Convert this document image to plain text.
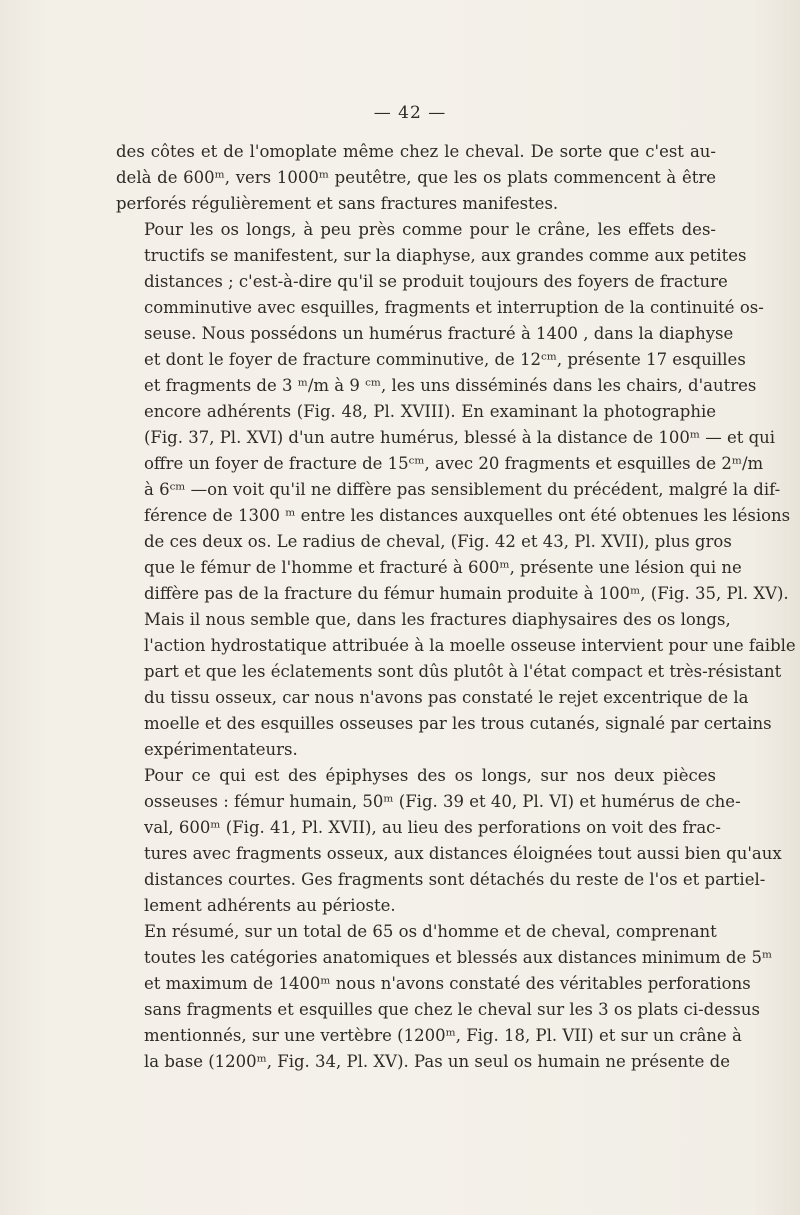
— 42 —

des côtes et de l'omoplate même chez le cheval. De sorte que c'est au-
delà de 600ᵐ, vers 1000ᵐ peutêtre, que les os plats commencent à être
perforés régulièrement et sans fractures manifestes.

Pour les os longs, à peu près comme pour le crâne, les effets des-
tructifs se manifestent, sur la diaphyse, aux grandes comme aux petites
distances ; c'est-à-dire qu'il se produit toujours des foyers de fracture
comminutive avec esquilles, fragments et interruption de la continuité os-
seuse. Nous possédons un humérus fracturé à 1400 , dans la diaphyse
et dont le foyer de fracture comminutive, de 12ᶜᵐ, présente 17 esquilles
et fragments de 3 ᵐ/m à 9 ᶜᵐ, les uns disséminés dans les chairs, d'autres
encore adhérents (Fig. 48, Pl. XVIII). En examinant la photographie
(Fig. 37, Pl. XVI) d'un autre humérus, blessé à la distance de 100ᵐ — et qui
offre un foyer de fracture de 15ᶜᵐ, avec 20 fragments et esquilles de 2ᵐ/m
à 6ᶜᵐ —on voit qu'il ne diffère pas sensiblement du précédent, malgré la dif-
férence de 1300 ᵐ entre les distances auxquelles ont été obtenues les lésions
de ces deux os. Le radius de cheval, (Fig. 42 et 43, Pl. XVII), plus gros
que le fémur de l'homme et fracturé à 600ᵐ, présente une lésion qui ne
diffère pas de la fracture du fémur humain produite à 100ᵐ, (Fig. 35, Pl. XV).

Mais il nous semble que, dans les fractures diaphysaires des os longs,
l'action hydrostatique attribuée à la moelle osseuse intervient pour une faible
part et que les éclatements sont dûs plutôt à l'état compact et très-résistant
du tissu osseux, car nous n'avons pas constaté le rejet excentrique de la
moelle et des esquilles osseuses par les trous cutanés, signalé par certains
expérimentateurs.

Pour ce qui est des épiphyses des os longs, sur nos deux pièces
osseuses : fémur humain, 50ᵐ (Fig. 39 et 40, Pl. VI) et humérus de che-
val, 600ᵐ (Fig. 41, Pl. XVII), au lieu des perforations on voit des frac-
tures avec fragments osseux, aux distances éloignées tout aussi bien qu'aux
distances courtes. Ges fragments sont détachés du reste de l'os et partiel-
lement adhérents au périoste.

En résumé, sur un total de 65 os d'homme et de cheval, comprenant
toutes les catégories anatomiques et blessés aux distances minimum de 5ᵐ
et maximum de 1400ᵐ nous n'avons constaté des véritables perforations
sans fragments et esquilles que chez le cheval sur les 3 os plats ci-dessus
mentionnés, sur une vertèbre (1200ᵐ, Fig. 18, Pl. VII) et sur un crâne à
la base (1200ᵐ, Fig. 34, Pl. XV). Pas un seul os humain ne présente de
